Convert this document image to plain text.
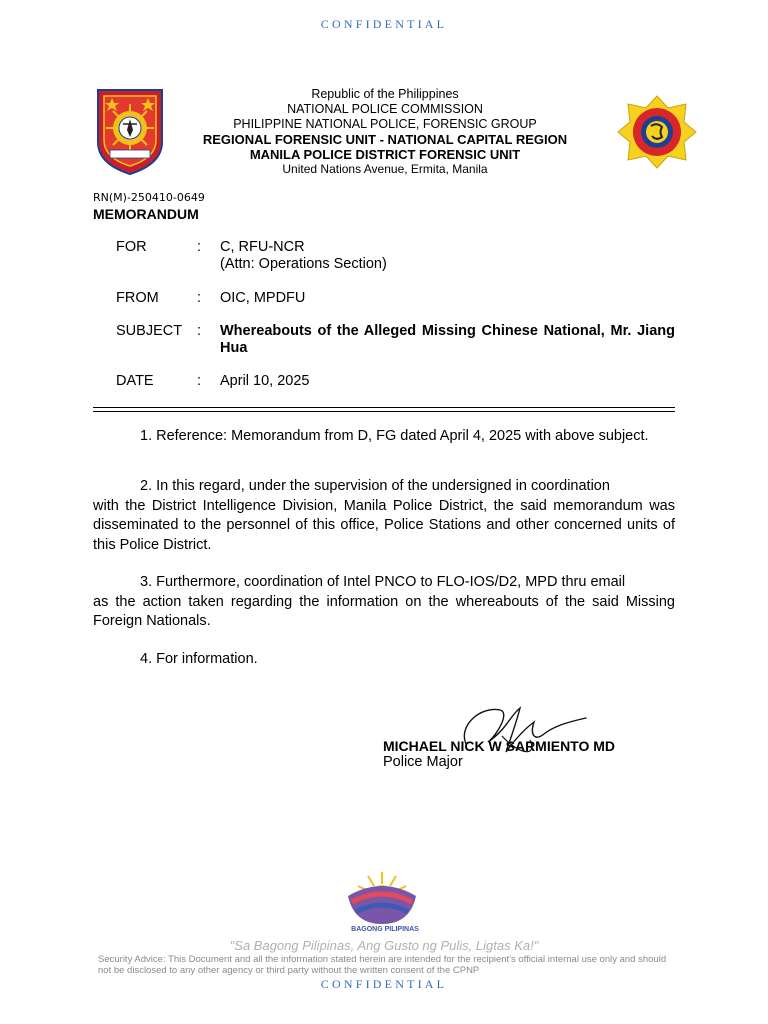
CONFIDENTIAL
Republic of the Philippines
NATIONAL POLICE COMMISSION
PHILIPPINE NATIONAL POLICE, FORENSIC GROUP
REGIONAL FORENSIC UNIT - NATIONAL CAPITAL REGION
MANILA POLICE DISTRICT FORENSIC UNIT
United Nations Avenue, Ermita, Manila
RN(M)-250410-0649
MEMORANDUM
FOR	: C, RFU-NCR
(Attn: Operations Section)
FROM	: OIC, MPDFU
SUBJECT : Whereabouts of the Alleged Missing Chinese National, Mr. Jiang Hua
DATE	: April 10, 2025
1. Reference: Memorandum from D, FG dated April 4, 2025 with above subject.
2. In this regard, under the supervision of the undersigned in coordination
with the District Intelligence Division, Manila Police District, the said memorandum was disseminated to the personnel of this office, Police Stations and other concerned units of this Police District.
3. Furthermore, coordination of Intel PNCO to FLO-IOS/D2, MPD thru email
as the action taken regarding the information on the whereabouts of the said Missing Foreign Nationals.
4. For information.
MICHAEL NICK W SARMIENTO MD
Police Major
BAGONG PILIPINAS
"Sa Bagong Pilipinas, Ang Gusto ng Pulis, Ligtas Ka!"
Security Advice: This Document and all the information stated herein are intended for the recipient's official internal use only and should not be disclosed to any other agency or third party without the written consent of the CPNP
CONFIDENTIAL
